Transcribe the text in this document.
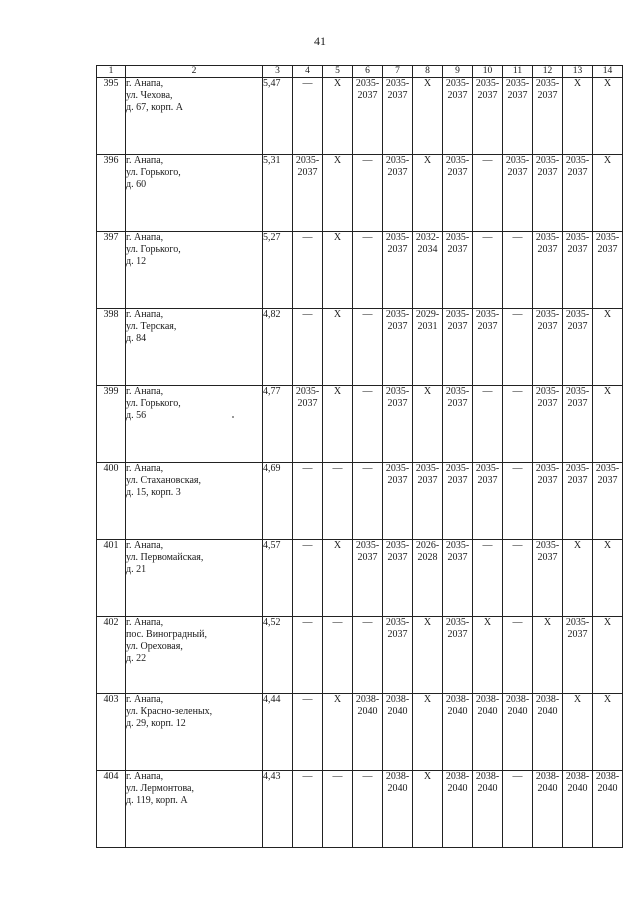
41
1	2	3	4	5	6	7	8	9	10	11	12	13	14
395	г. Анапа,
ул. Чехова,
д. 67, корп. А	5,47	—	Х	2035-
2037	2035-
2037	Х	2035-
2037	2035-
2037	2035-
2037	2035-
2037	Х	Х

396	г. Анапа,
ул. Горького,
д. 60	5,31	2035-
2037	Х	—	2035-
2037	Х	2035-
2037	—	2035-
2037	2035-
2037	2035-
2037	Х

397	г. Анапа,
ул. Горького,
д. 12	5,27	—	Х	—	2035-
2037	2032-
2034	2035-
2037	—	—	2035-
2037	2035-
2037	2035-
2037

398	г. Анапа,
ул. Терская,
д. 84	4,82	—	Х	—	2035-
2037	2029-
2031	2035-
2037	2035-
2037	—	2035-
2037	2035-
2037	Х

399	г. Анапа,
ул. Горького,
д. 56	4,77	2035-
2037	Х	—	2035-
2037	Х	2035-
2037	—	—	2035-
2037	2035-
2037	Х

400	г. Анапа,
ул. Стахановская,
д. 15, корп. 3	4,69	—	—	—	2035-
2037	2035-
2037	2035-
2037	2035-
2037	—	2035-
2037	2035-
2037	2035-
2037

401	г. Анапа,
ул. Первомайская,
д. 21	4,57	—	Х	2035-
2037	2035-
2037	2026-
2028	2035-
2037	—	—	2035-
2037	Х	Х

402	г. Анапа,
пос. Виноградный,
ул. Ореховая,
д. 22	4,52	—	—	—	2035-
2037	Х	2035-
2037	Х	—	Х	2035-
2037	Х

403	г. Анапа,
ул. Красно-зеленых,
д. 29, корп. 12	4,44	—	Х	2038-
2040	2038-
2040	Х	2038-
2040	2038-
2040	2038-
2040	2038-
2040	Х	Х

404	г. Анапа,
ул. Лермонтова,
д. 119, корп. А	4,43	—	—	—	2038-
2040	Х	2038-
2040	2038-
2040	—	2038-
2040	2038-
2040	2038-
2040
